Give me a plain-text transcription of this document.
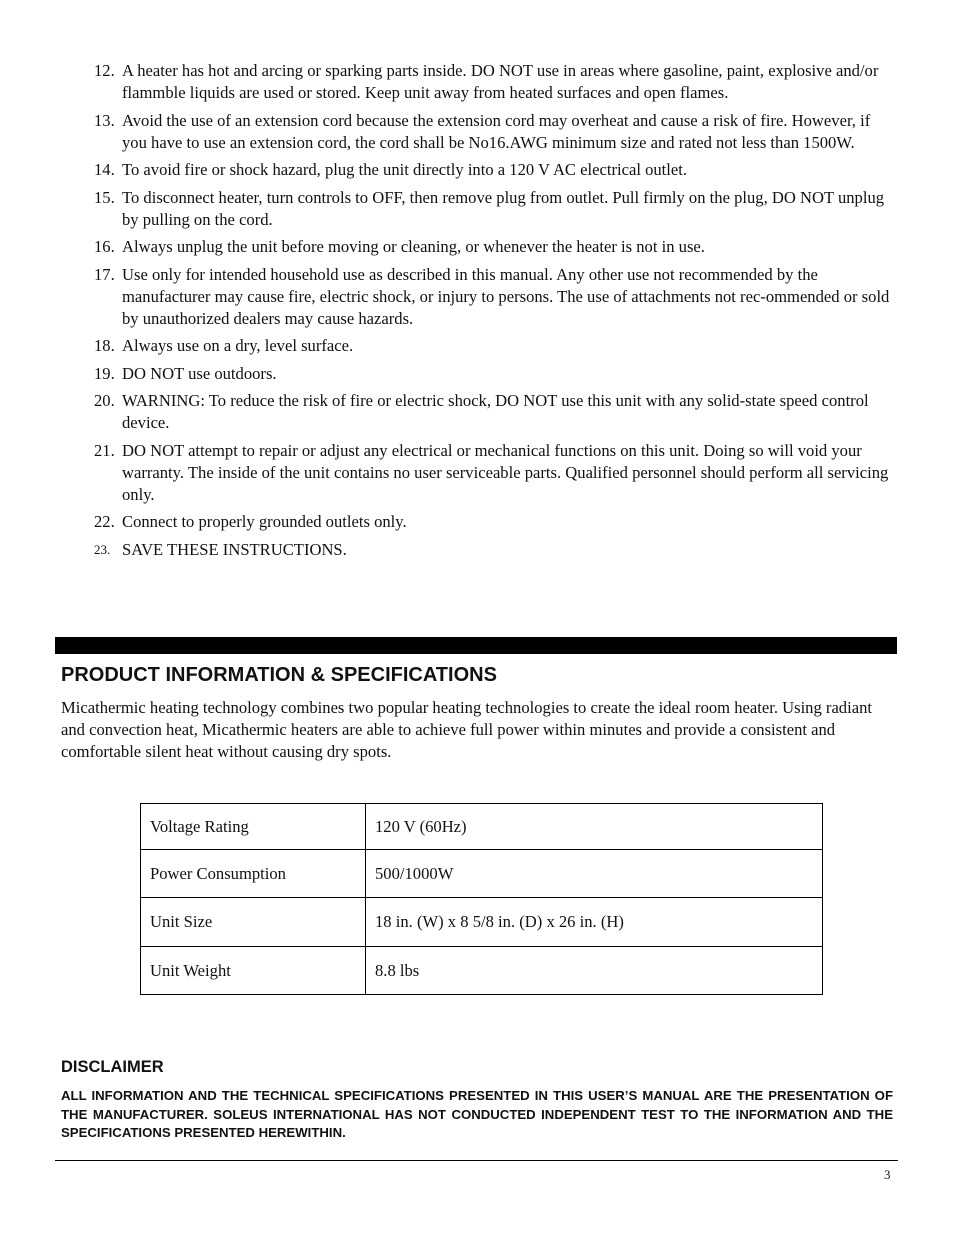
12. A heater has hot and arcing or sparking parts inside. DO NOT use in areas where gasoline, paint, explosive and/or flammble liquids are used or stored. Keep unit away from heated surfaces and open flames.
13. Avoid the use of an extension cord because the extension cord may overheat and cause a risk of fire. However, if you have to use an extension cord, the cord shall be No16.AWG minimum size and rated not less than 1500W.
14. To avoid fire or shock hazard, plug the unit directly into a 120 V AC electrical outlet.
15. To disconnect heater, turn controls to OFF, then remove plug from outlet. Pull firmly on the plug, DO NOT unplug by pulling on the cord.
16. Always unplug the unit before moving or cleaning, or whenever the heater is not in use.
17. Use only for intended household use as described in this manual. Any other use not recommended by the manufacturer may cause fire, electric shock, or injury to persons. The use of attachments not rec-ommended or sold by unauthorized dealers may cause hazards.
18. Always use on a dry, level surface.
19. DO NOT use outdoors.
20. WARNING: To reduce the risk of fire or electric shock, DO NOT use this unit with any solid-state speed control device.
21. DO NOT attempt to repair or adjust any electrical or mechanical functions on this unit. Doing so will void your warranty. The inside of the unit contains no user serviceable parts. Qualified personnel should perform all servicing only.
22. Connect to properly grounded outlets only.
23. SAVE THESE INSTRUCTIONS.
PRODUCT INFORMATION & SPECIFICATIONS

Micathermic heating technology combines two popular heating technologies to create the ideal room heater. Using radiant and convection heat, Micathermic heaters are able to achieve full power within minutes and provide a consistent and comfortable silent heat without causing dry spots.

Voltage Rating	120 V (60Hz)
Power Consumption	500/1000W
Unit Size	18 in. (W) x 8 5/8 in. (D) x 26 in. (H)
Unit Weight	8.8 lbs
DISCLAIMER

ALL INFORMATION AND THE TECHNICAL SPECIFICATIONS PRESENTED IN THIS USER’S MANUAL ARE THE PRESENTATION OF THE MANUFACTURER. SOLEUS INTERNATIONAL HAS NOT CONDUCTED INDEPENDENT TEST TO THE INFORMATION AND THE SPECIFICATIONS PRESENTED HEREWITHIN.

3
